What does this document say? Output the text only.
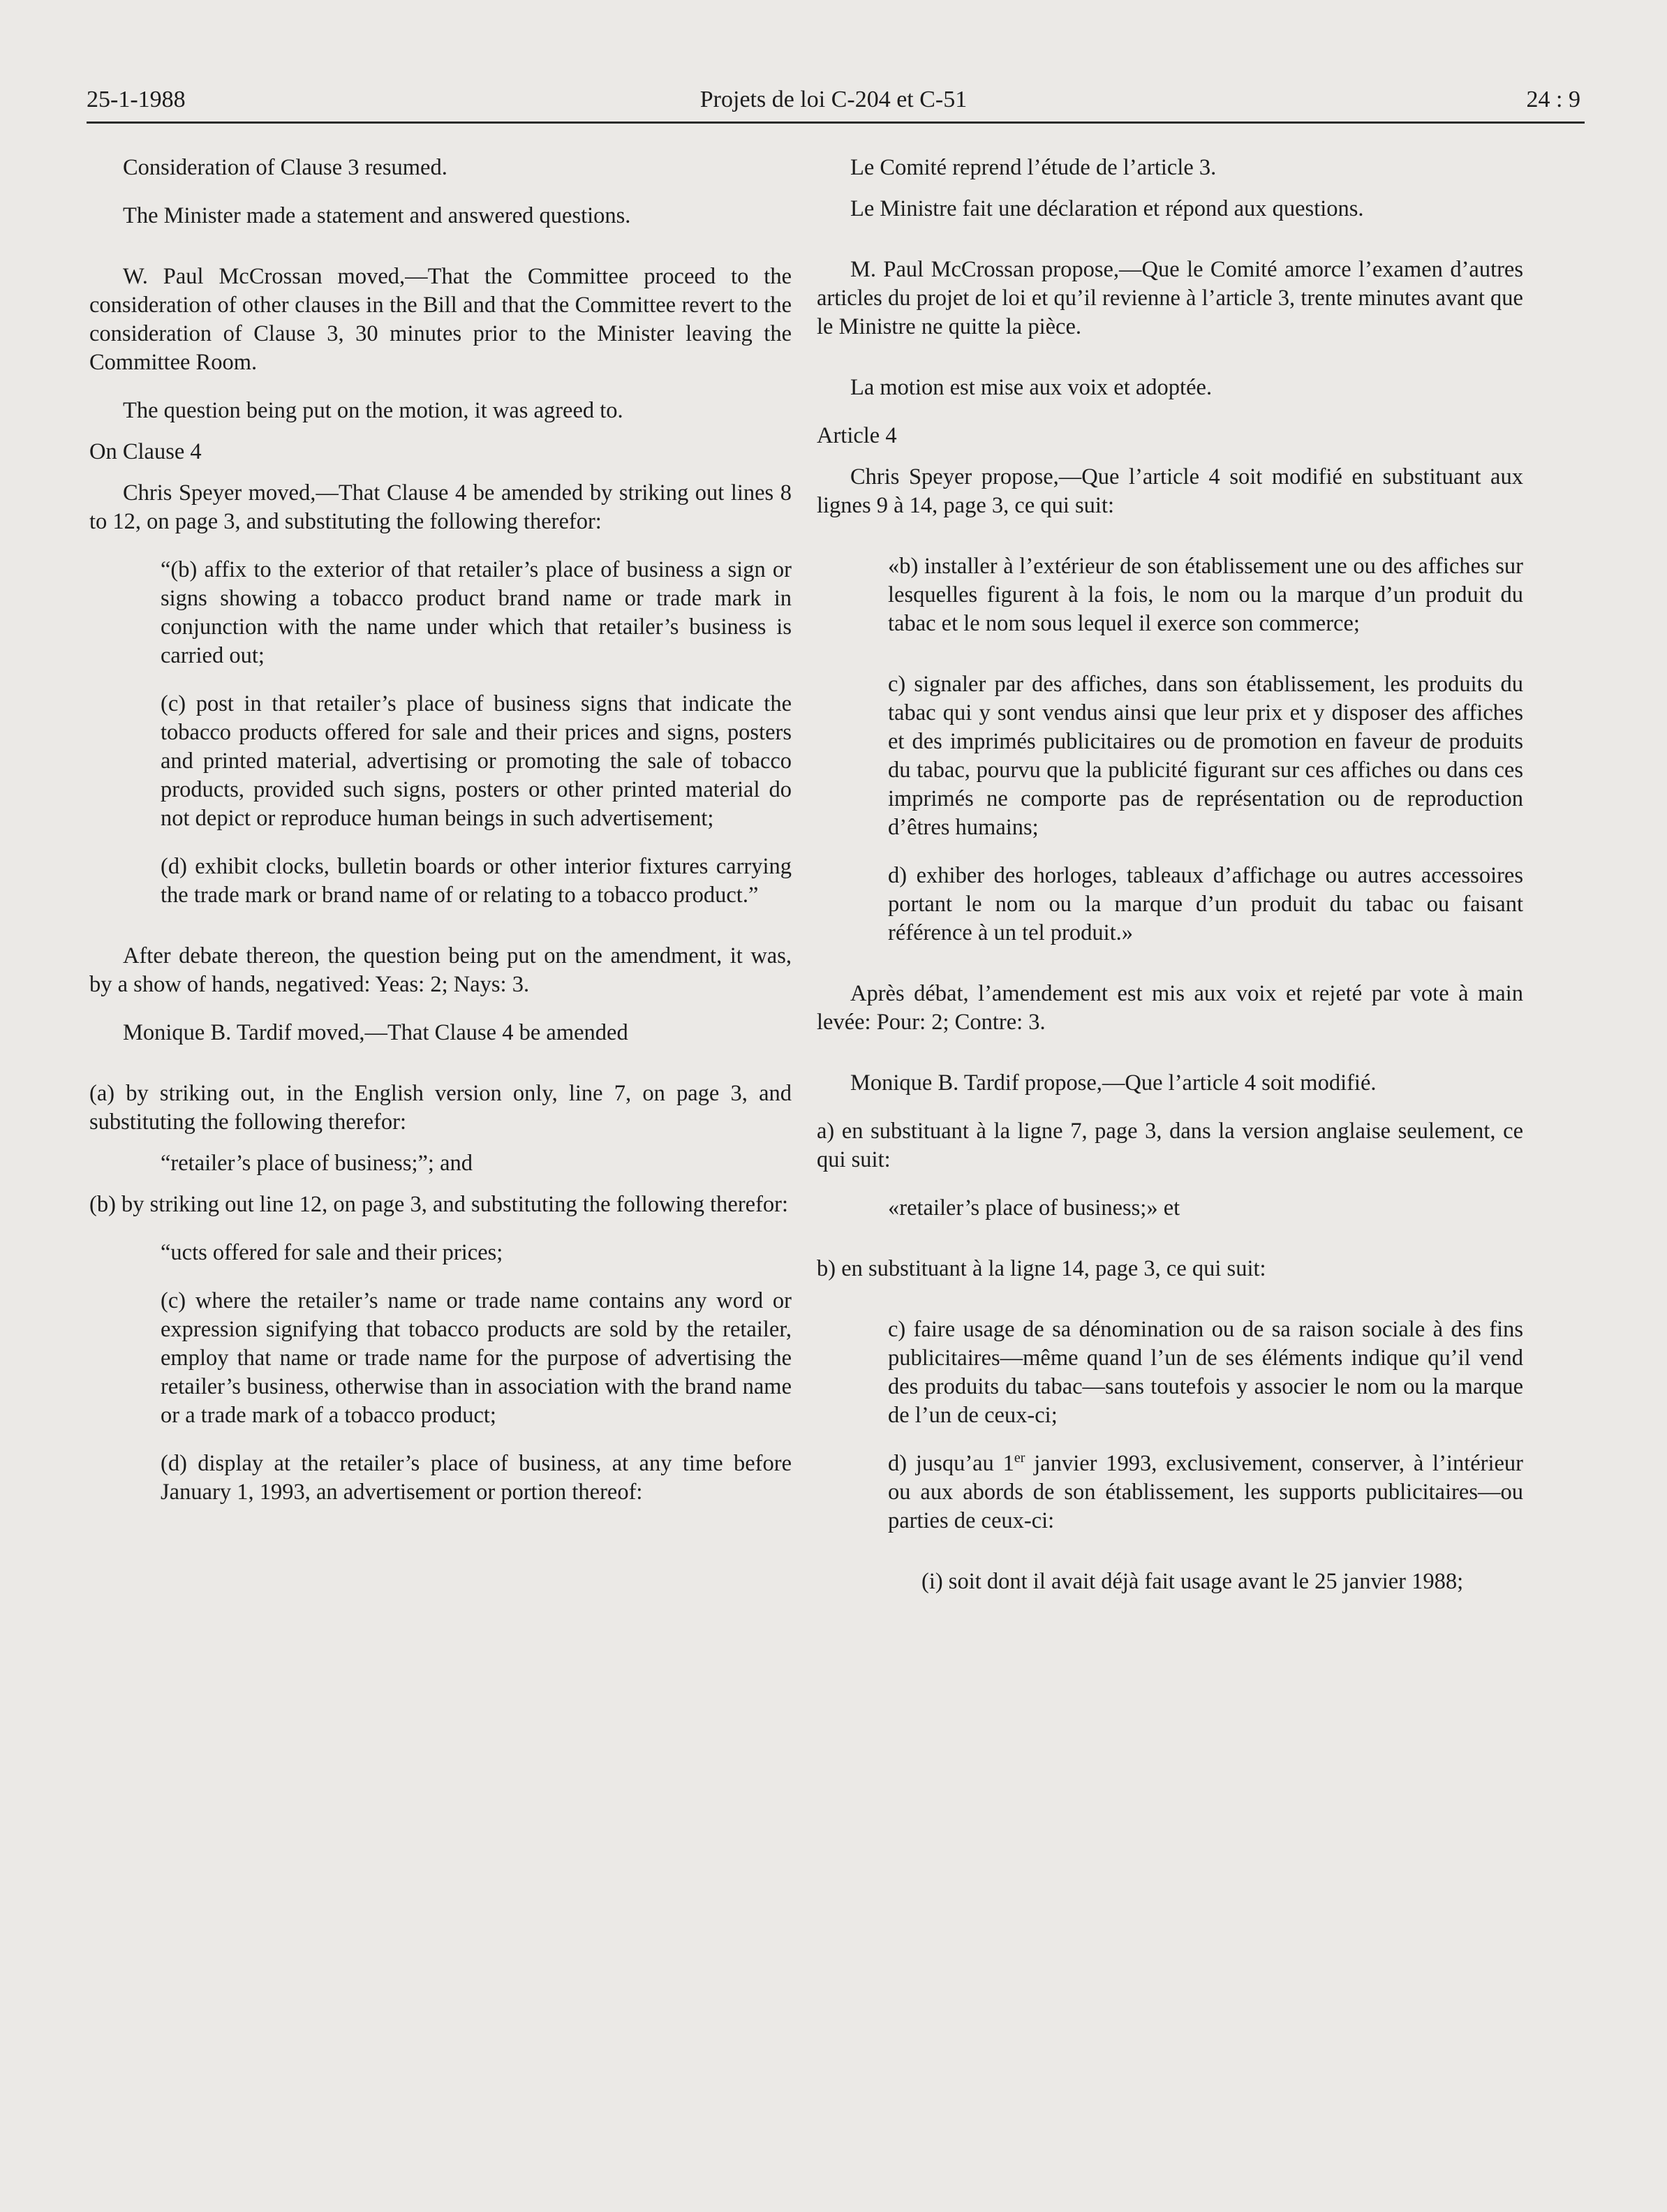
25-1-1988	Projets de loi C-204 et C-51	24 : 9

Consideration of Clause 3 resumed.

The Minister made a statement and answered questions.

W. Paul McCrossan moved,—That the Committee proceed to the consideration of other clauses in the Bill and that the Committee revert to the consideration of Clause 3, 30 minutes prior to the Minister leaving the Committee Room.

The question being put on the motion, it was agreed to.

On Clause 4

Chris Speyer moved,—That Clause 4 be amended by striking out lines 8 to 12, on page 3, and substituting the following therefor:

“(b) affix to the exterior of that retailer’s place of business a sign or signs showing a tobacco product brand name or trade mark in conjunction with the name under which that retailer’s business is carried out;

(c) post in that retailer’s place of business signs that indicate the tobacco products offered for sale and their prices and signs, posters and printed material, advertising or promoting the sale of tobacco products, provided such signs, posters or other printed material do not depict or reproduce human beings in such advertisement;

(d) exhibit clocks, bulletin boards or other interior fixtures carrying the trade mark or brand name of or relating to a tobacco product.”

After debate thereon, the question being put on the amendment, it was, by a show of hands, negatived: Yeas: 2; Nays: 3.

Monique B. Tardif moved,—That Clause 4 be amended

(a) by striking out, in the English version only, line 7, on page 3, and substituting the following therefor:

“retailer’s place of business;”; and

(b) by striking out line 12, on page 3, and substituting the following therefor:

“ucts offered for sale and their prices;

(c) where the retailer’s name or trade name contains any word or expression signifying that tobacco products are sold by the retailer, employ that name or trade name for the purpose of advertising the retailer’s business, otherwise than in association with the brand name or a trade mark of a tobacco product;

(d) display at the retailer’s place of business, at any time before January 1, 1993, an advertisement or portion thereof:

Le Comité reprend l’étude de l’article 3.

Le Ministre fait une déclaration et répond aux questions.

M. Paul McCrossan propose,—Que le Comité amorce l’examen d’autres articles du projet de loi et qu’il revienne à l’article 3, trente minutes avant que le Ministre ne quitte la pièce.

La motion est mise aux voix et adoptée.

Article 4

Chris Speyer propose,—Que l’article 4 soit modifié en substituant aux lignes 9 à 14, page 3, ce qui suit:

«b) installer à l’extérieur de son établissement une ou des affiches sur lesquelles figurent à la fois, le nom ou la marque d’un produit du tabac et le nom sous lequel il exerce son commerce;

c) signaler par des affiches, dans son établissement, les produits du tabac qui y sont vendus ainsi que leur prix et y disposer des affiches et des imprimés publicitaires ou de promotion en faveur de produits du tabac, pourvu que la publicité figurant sur ces affiches ou dans ces imprimés ne comporte pas de représentation ou de reproduction d’êtres humains;

d) exhiber des horloges, tableaux d’affichage ou autres accessoires portant le nom ou la marque d’un produit du tabac ou faisant référence à un tel produit.»

Après débat, l’amendement est mis aux voix et rejeté par vote à main levée: Pour: 2; Contre: 3.

Monique B. Tardif propose,—Que l’article 4 soit modifié.

a) en substituant à la ligne 7, page 3, dans la version anglaise seulement, ce qui suit:

«retailer’s place of business;» et

b) en substituant à la ligne 14, page 3, ce qui suit:

c) faire usage de sa dénomination ou de sa raison sociale à des fins publicitaires—même quand l’un de ses éléments indique qu’il vend des produits du tabac—sans toutefois y associer le nom ou la marque de l’un de ceux-ci;

d) jusqu’au 1er janvier 1993, exclusivement, conserver, à l’intérieur ou aux abords de son établissement, les supports publicitaires—ou parties de ceux-ci:

(i) soit dont il avait déjà fait usage avant le 25 janvier 1988;
